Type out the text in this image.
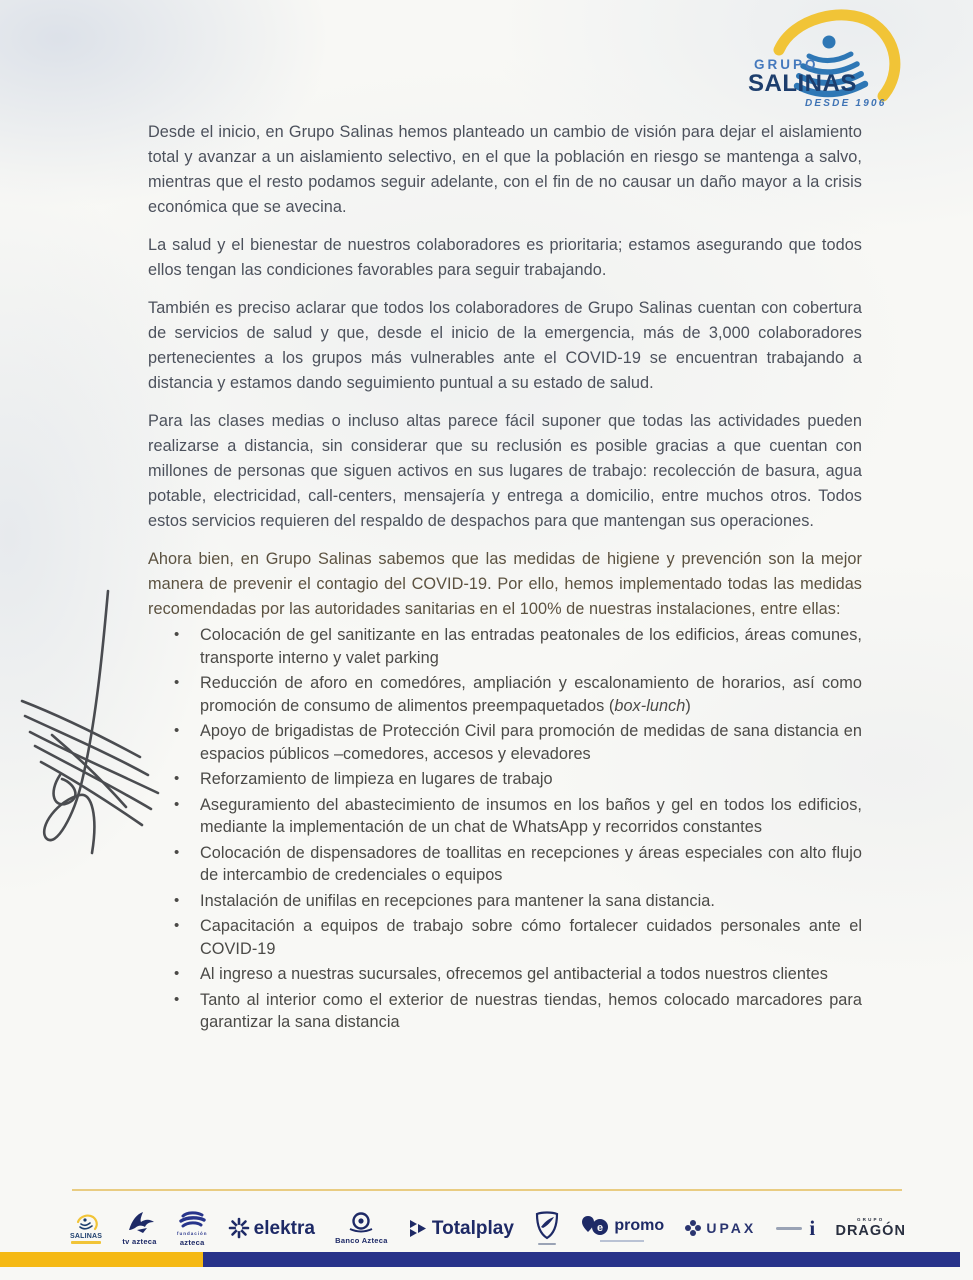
GRUPO
SALINAS
DESDE 1906

Desde el inicio, en Grupo Salinas hemos planteado un cambio de visión para dejar el aislamiento total y avanzar a un aislamiento selectivo, en el que la población en riesgo se mantenga a salvo, mientras que el resto podamos seguir adelante, con el fin de no causar un daño mayor a la crisis económica que se avecina.

La salud y el bienestar de nuestros colaboradores es prioritaria; estamos asegurando que todos ellos tengan las condiciones favorables para seguir trabajando.

También es preciso aclarar que todos los colaboradores de Grupo Salinas cuentan con cobertura de servicios de salud y que, desde el inicio de la emergencia, más de 3,000 colaboradores pertenecientes a los grupos más vulnerables ante el COVID-19 se encuentran trabajando a distancia y estamos dando seguimiento puntual a su estado de salud.

Para las clases medias o incluso altas parece fácil suponer que todas las actividades pueden realizarse a distancia, sin considerar que su reclusión es posible gracias a que cuentan con millones de personas que siguen activos en sus lugares de trabajo: recolección de basura, agua potable, electricidad, call-centers, mensajería y entrega a domicilio, entre muchos otros. Todos estos servicios requieren del respaldo de despachos para que mantengan sus operaciones.

Ahora bien, en Grupo Salinas sabemos que las medidas de higiene y prevención son la mejor manera de prevenir el contagio del COVID-19. Por ello, hemos implementado todas las medidas recomendadas por las autoridades sanitarias en el 100% de nuestras instalaciones, entre ellas:

• Colocación de gel sanitizante en las entradas peatonales de los edificios, áreas comunes, transporte interno y valet parking
• Reducción de aforo en comedóres, ampliación y escalonamiento de horarios, así como promoción de consumo de alimentos preempaquetados (box-lunch)
• Apoyo de brigadistas de Protección Civil para promoción de medidas de sana distancia en espacios públicos –comedores, accesos y elevadores
• Reforzamiento de limpieza en lugares de trabajo
• Aseguramiento del abastecimiento de insumos en los baños y gel en todos los edificios, mediante la implementación de un chat de WhatsApp y recorridos constantes
• Colocación de dispensadores de toallitas en recepciones y áreas especiales con alto flujo de intercambio de credenciales o equipos
• Instalación de unifilas en recepciones para mantener la sana distancia.
• Capacitación a equipos de trabajo sobre cómo fortalecer cuidados personales ante el COVID-19
• Al ingreso a nuestras sucursales, ofrecemos gel antibacterial a todos nuestros clientes
• Tanto al interior como el exterior de nuestras tiendas, hemos colocado marcadores para garantizar la sana distancia
SALINAS
tv azteca
fundación
azteca
elektra
Banco Azteca
Totalplay	e promo	UPAX	i	GRUPO
DRAGÓN
